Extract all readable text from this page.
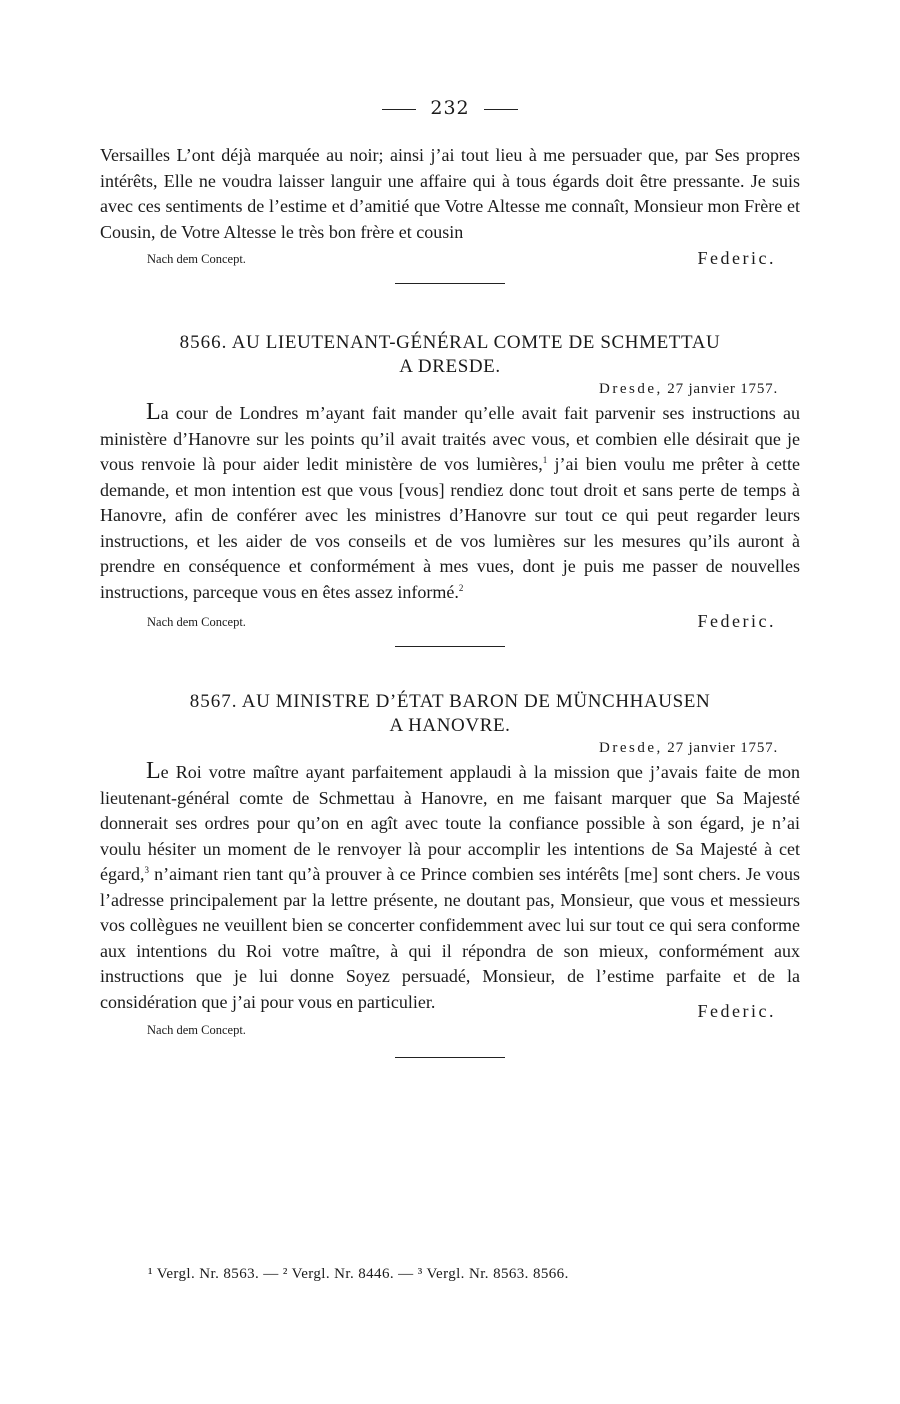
232

Versailles L’ont déjà marquée au noir; ainsi j’ai tout lieu à me persuader que, par Ses propres intérêts, Elle ne voudra laisser languir une affaire qui à tous égards doit être pressante. Je suis avec ces sentiments de l’estime et d’amitié que Votre Altesse me connaît, Monsieur mon Frère et Cousin, de Votre Altesse le très bon frère et cousin

Nach dem Concept.	Federic.
8566. AU LIEUTENANT-GÉNÉRAL COMTE DE SCHMETTAU
A DRESDE.
Dresde, 27 janvier 1757.

La cour de Londres m’ayant fait mander qu’elle avait fait parvenir ses instructions au ministère d’Hanovre sur les points qu’il avait traités avec vous, et combien elle désirait que je vous renvoie là pour aider ledit ministère de vos lumières,$^1$ j’ai bien voulu me prêter à cette demande, et mon intention est que vous [vous] rendiez donc tout droit et sans perte de temps à Hanovre, afin de conférer avec les ministres d’Hanovre sur tout ce qui peut regarder leurs instructions, et les aider de vos conseils et de vos lumières sur les mesures qu’ils auront à prendre en conséquence et conformément à mes vues, dont je puis me passer de nouvelles instructions, parceque vous en êtes assez informé.$^2$

Nach dem Concept.	Federic.
8567. AU MINISTRE D’ÉTAT BARON DE MÜNCHHAUSEN
A HANOVRE.
Dresde, 27 janvier 1757.

Le Roi votre maître ayant parfaitement applaudi à la mission que j’avais faite de mon lieutenant-général comte de Schmettau à Hanovre, en me faisant marquer que Sa Majesté donnerait ses ordres pour qu’on en agît avec toute la confiance possible à son égard, je n’ai voulu hésiter un moment de le renvoyer là pour accomplir les intentions de Sa Majesté à cet égard,$^3$ n’aimant rien tant qu’à prouver à ce Prince combien ses intérêts [me] sont chers. Je vous l’adresse principalement par la lettre présente, ne doutant pas, Monsieur, que vous et messieurs vos collègues ne veuillent bien se concerter confidemment avec lui sur tout ce qui sera conforme aux intentions du Roi votre maître, à qui il répondra de son mieux, conformément aux instructions que je lui donne Soyez persuadé, Monsieur, de l’estime parfaite et de la considération que j’ai pour vous en particulier.

Nach dem Concept.
Federic.
¹ Vergl. Nr. 8563. — ² Vergl. Nr. 8446. — ³ Vergl. Nr. 8563. 8566.
